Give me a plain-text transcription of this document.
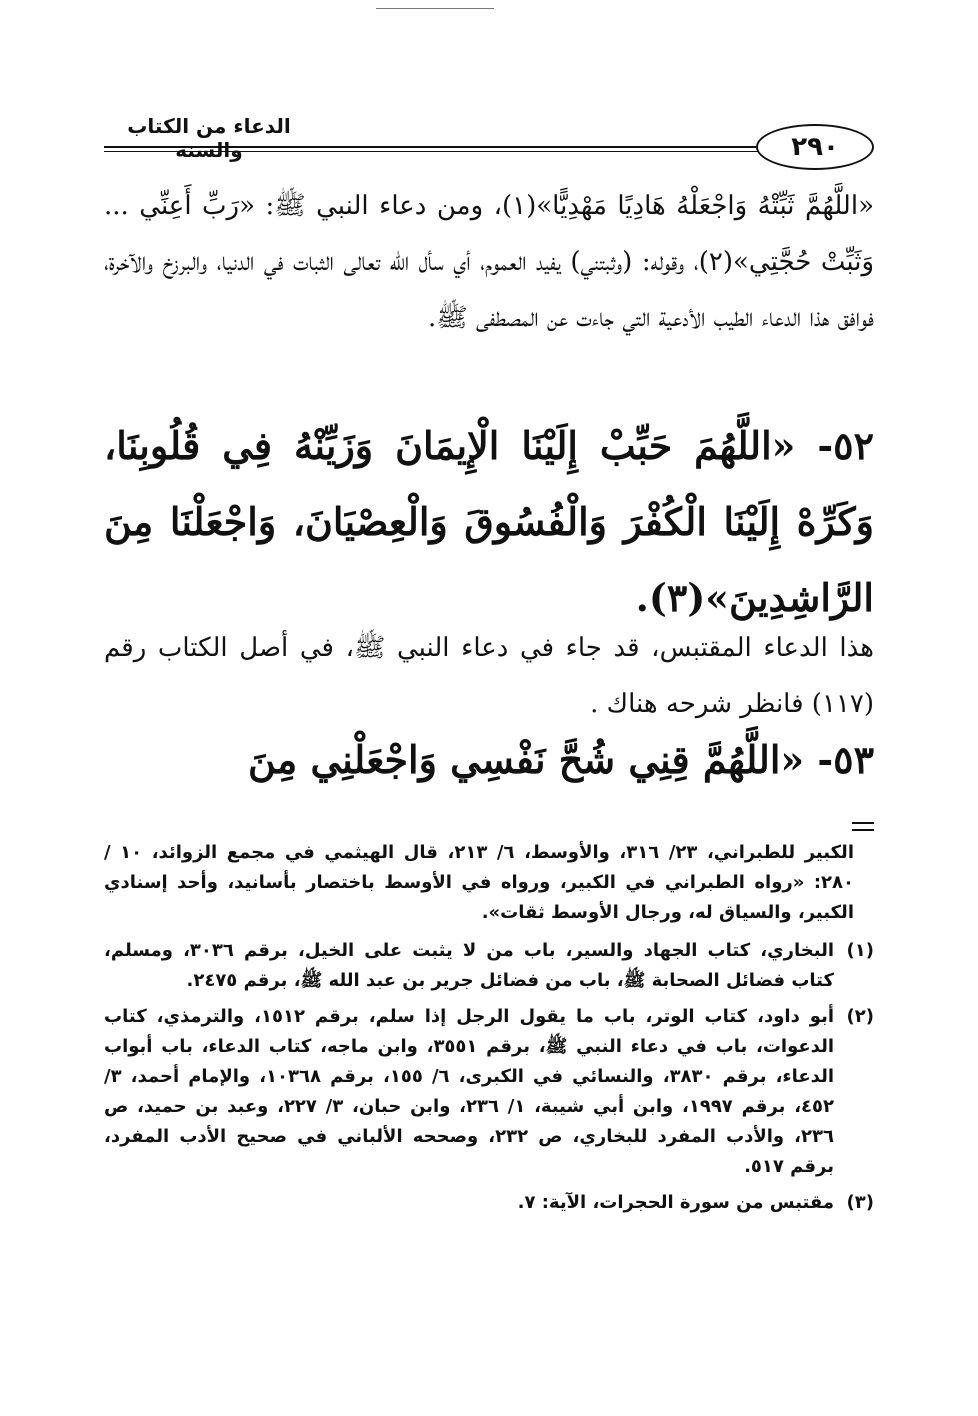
الدعاء من الكتاب والسنة	٢٩٠
«اللَّهُمَّ ثَبِّتْهُ وَاجْعَلْهُ هَادِيًا مَهْدِيًّا»(١)، ومن دعاء النبي ﷺ: «رَبِّ أَعِنِّي ... وَثَبِّتْ حُجَّتِي»(٢)، وقوله: (وثبتني) يفيد العموم، أي سأل الله تعالى الثبات في الدنيا، والبرزخ والآخرة، فوافق هذا الدعاء الطيب الأدعية التي جاءت عن المصطفى ﷺ.
٥٢- «اللَّهُمَ حَبِّبْ إِلَيْنَا الْإِيمَانَ وَزَيِّنْهُ فِي قُلُوبِنَا، وَكَرِّهْ إِلَيْنَا الْكُفْرَ وَالْفُسُوقَ وَالْعِصْيَانَ، وَاجْعَلْنَا مِنَ الرَّاشِدِينَ»(٣).
هذا الدعاء المقتبس، قد جاء في دعاء النبي ﷺ، في أصل الكتاب رقم (١١٧) فانظر شرحه هناك .
٥٣- «اللَّهُمَّ قِنِي شُحَّ نَفْسِي وَاجْعَلْنِي مِنَ

الكبير للطبراني، ٢٣/ ٣١٦، والأوسط، ٦/ ٢١٣، قال الهيثمي في مجمع الزوائد، ١٠ / ٢٨٠: «رواه الطبراني في الكبير، ورواه في الأوسط باختصار بأسانيد، وأحد إسنادي الكبير، والسياق له، ورجال الأوسط ثقات».

(١)
البخاري، كتاب الجهاد والسير، باب من لا يثبت على الخيل، برقم ٣٠٣٦، ومسلم، كتاب فضائل الصحابة ﷺ، باب من فضائل جرير بن عبد الله ﷺ، برقم ٢٤٧٥.
(٢)
أبو داود، كتاب الوتر، باب ما يقول الرجل إذا سلم، برقم ١٥١٢، والترمذي، كتاب الدعوات، باب في دعاء النبي ﷺ، برقم ٣٥٥١، وابن ماجه، كتاب الدعاء، باب أبواب الدعاء، برقم ٣٨٣٠، والنسائي في الكبرى، ٦/ ١٥٥، برقم ١٠٣٦٨، والإمام أحمد، ٣/ ٤٥٢، برقم ١٩٩٧، وابن أبي شيبة، ١/ ٢٣٦، وابن حبان، ٣/ ٢٢٧، وعبد بن حميد، ص ٢٣٦، والأدب المفرد للبخاري، ص ٢٣٢، وصححه الألباني في صحيح الأدب المفرد، برقم ٥١٧.
(٣)
مقتبس من سورة الحجرات، الآية: ٧.
